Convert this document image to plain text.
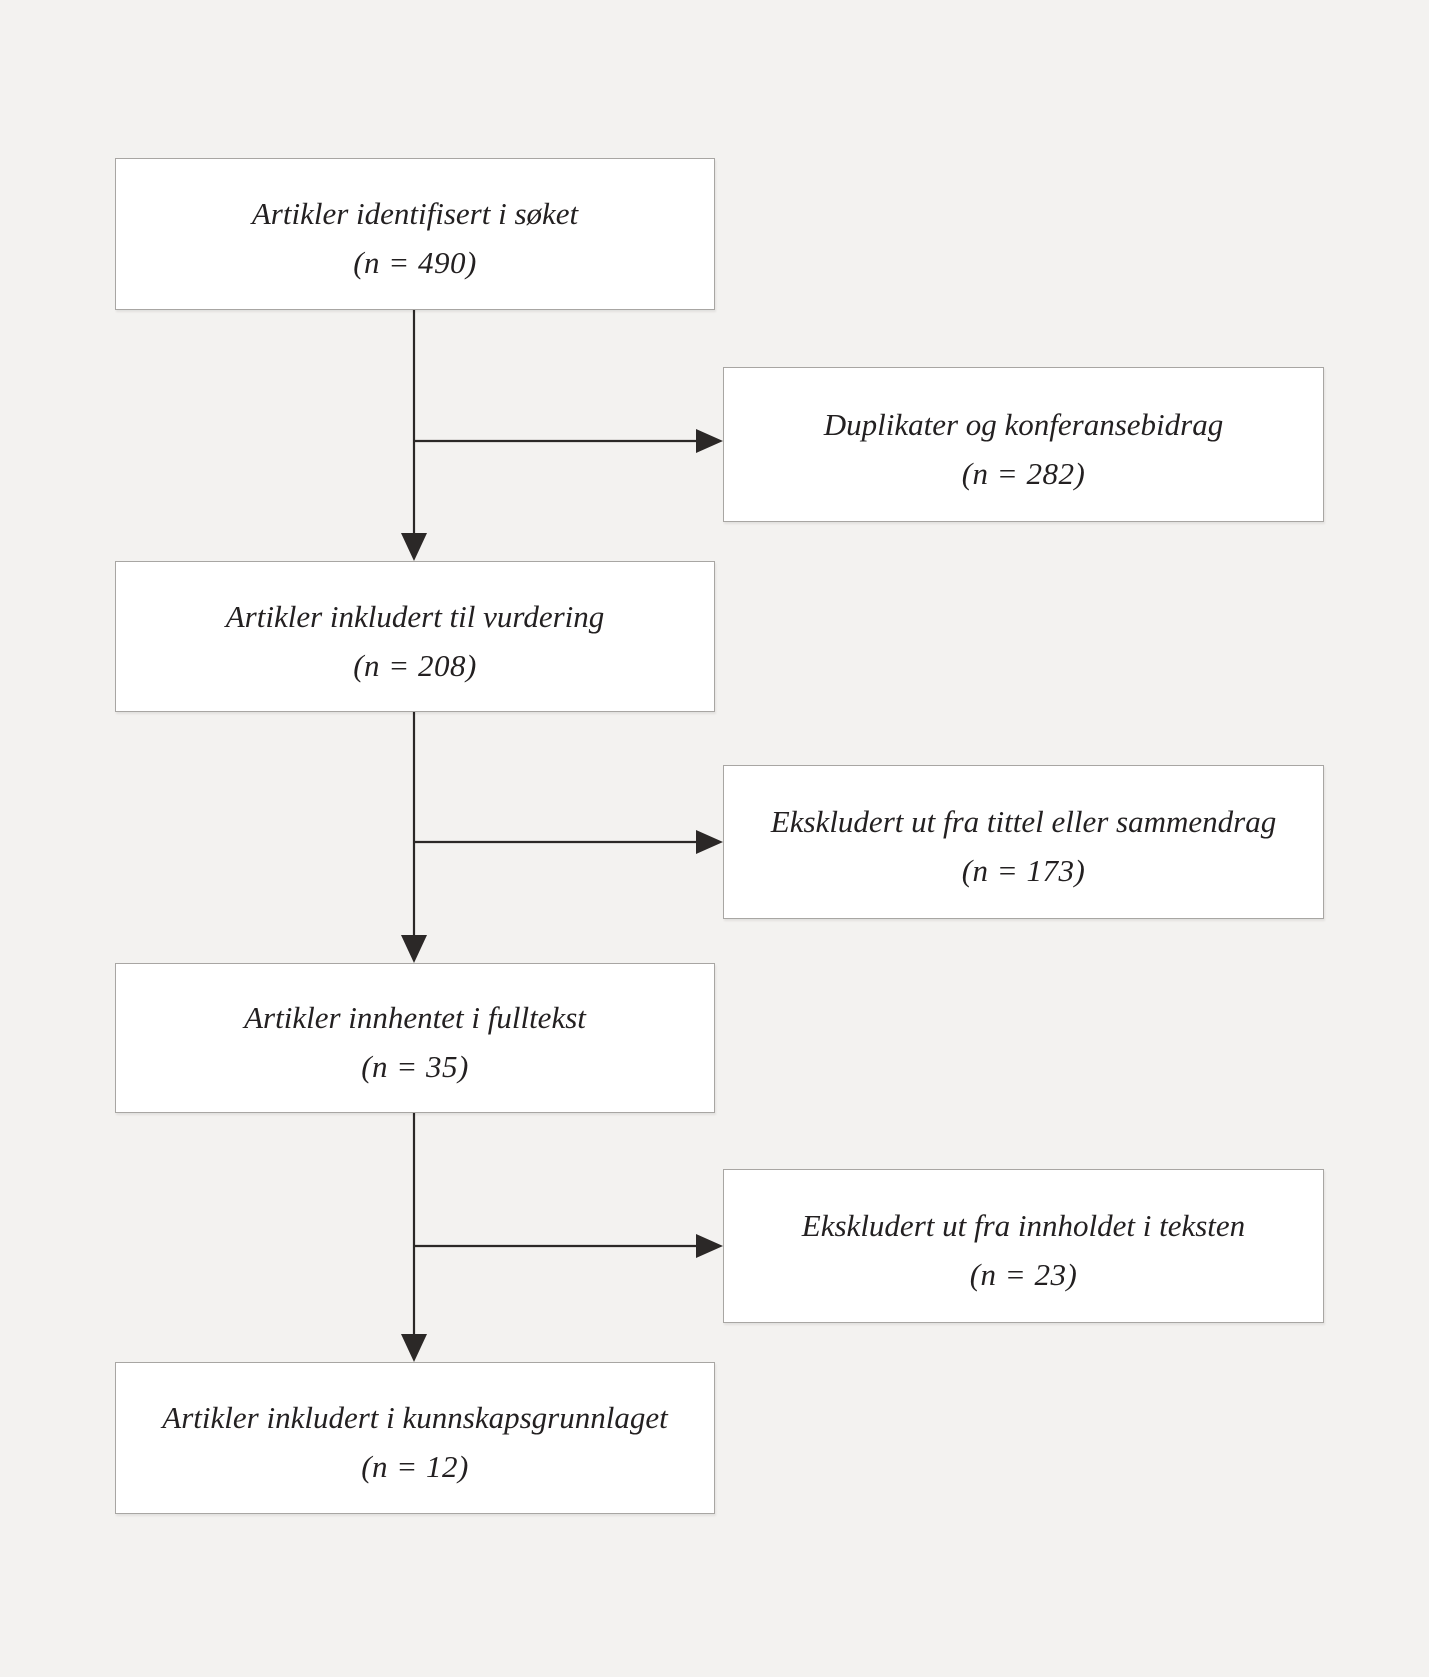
Artikler identifisert i søket
(n = 490)
Duplikater og konferansebidrag
(n = 282)
Artikler inkludert til vurdering
(n = 208)
Ekskludert ut fra tittel eller sammendrag
(n = 173)
Artikler innhentet i fulltekst
(n = 35)
Ekskludert ut fra innholdet i teksten
(n = 23)
Artikler inkludert i kunnskapsgrunnlaget
(n = 12)
